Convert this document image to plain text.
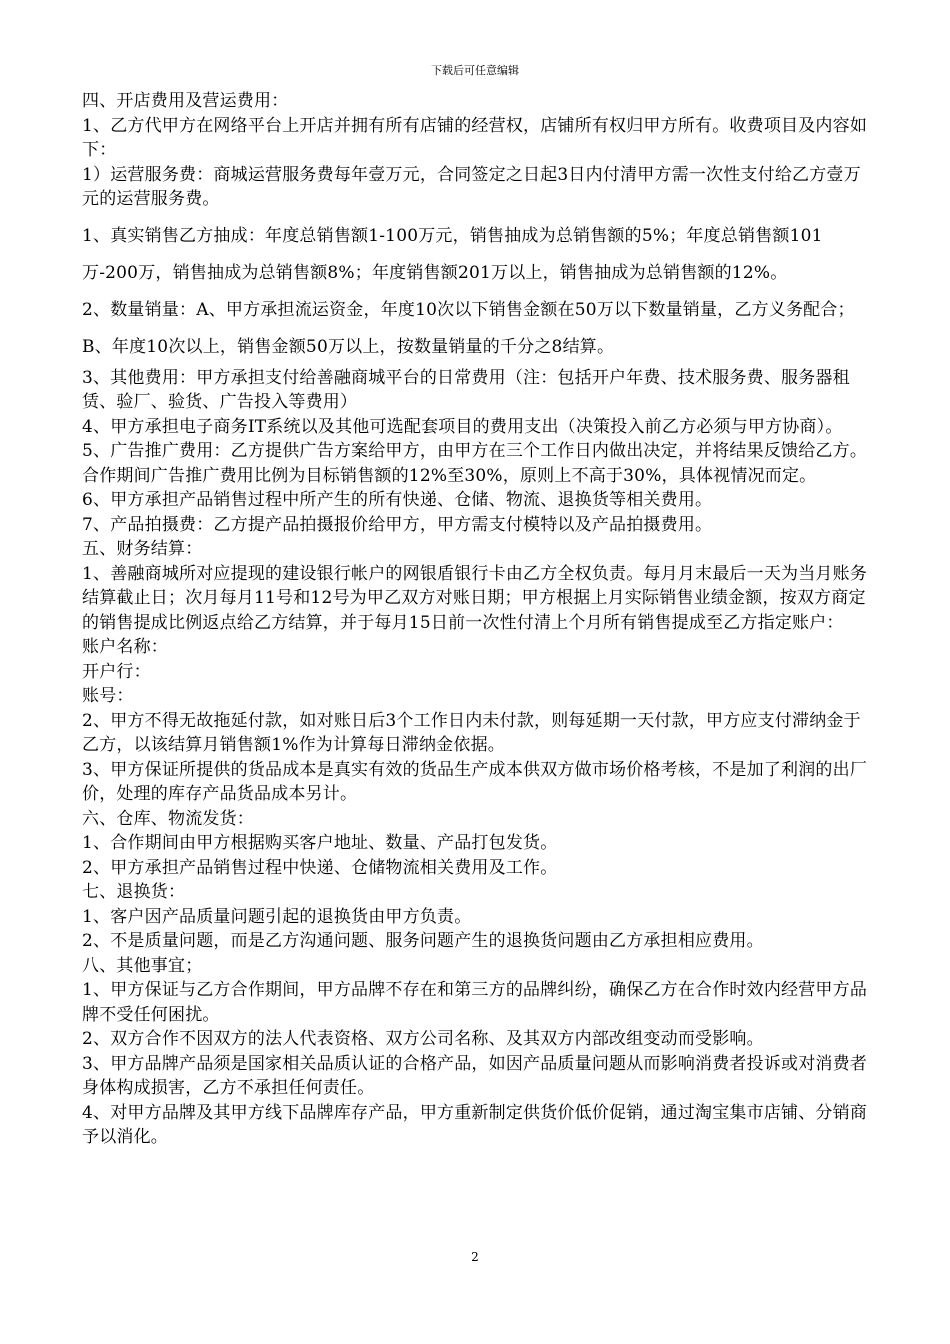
下载后可任意编辑

四、开店费用及营运费用：

1、乙方代甲方在网络平台上开店并拥有所有店铺的经营权，店铺所有权归甲方所有。收费项目及内容如下：

1）运营服务费：商城运营服务费每年壹万元，合同签定之日起3日内付清甲方需一次性支付给乙方壹万元的运营服务费。

1、真实销售乙方抽成：年度总销售额1-100万元，销售抽成为总销售额的5%；年度总销售额101万-200万，销售抽成为总销售额8%；年度销售额201万以上，销售抽成为总销售额的12%。

2、数量销量：A、甲方承担流运资金，年度10次以下销售金额在50万以下数量销量，乙方义务配合；B、年度10次以上，销售金额50万以上，按数量销量的千分之8结算。

3、其他费用：甲方承担支付给善融商城平台的日常费用（注：包括开户年费、技术服务费、服务器租赁、验厂、验货、广告投入等费用）

4、甲方承担电子商务IT系统以及其他可选配套项目的费用支出（决策投入前乙方必须与甲方协商）。

5、广告推广费用：乙方提供广告方案给甲方，由甲方在三个工作日内做出决定，并将结果反馈给乙方。合作期间广告推广费用比例为目标销售额的12%至30%，原则上不高于30%，具体视情况而定。

6、甲方承担产品销售过程中所产生的所有快递、仓储、物流、退换货等相关费用。

7、产品拍摄费：乙方提产品拍摄报价给甲方，甲方需支付模特以及产品拍摄费用。

五、财务结算：

1、善融商城所对应提现的建设银行帐户的网银盾银行卡由乙方全权负责。每月月末最后一天为当月账务结算截止日；次月每月11号和12号为甲乙双方对账日期；甲方根据上月实际销售业绩金额，按双方商定的销售提成比例返点给乙方结算，并于每月15日前一次性付清上个月所有销售提成至乙方指定账户：

账户名称：

开户行：

账号：

2、甲方不得无故拖延付款，如对账日后3个工作日内未付款，则每延期一天付款，甲方应支付滞纳金于乙方，以该结算月销售额1%作为计算每日滞纳金依据。

3、甲方保证所提供的货品成本是真实有效的货品生产成本供双方做市场价格考核，不是加了利润的出厂价，处理的库存产品货品成本另计。

六、仓库、物流发货：

1、合作期间由甲方根据购买客户地址、数量、产品打包发货。

2、甲方承担产品销售过程中快递、仓储物流相关费用及工作。

七、退换货：

1、客户因产品质量问题引起的退换货由甲方负责。

2、不是质量问题，而是乙方沟通问题、服务问题产生的退换货问题由乙方承担相应费用。

八、其他事宜；

1、甲方保证与乙方合作期间，甲方品牌不存在和第三方的品牌纠纷，确保乙方在合作时效内经营甲方品牌不受任何困扰。

2、双方合作不因双方的法人代表资格、双方公司名称、及其双方内部改组变动而受影响。

3、甲方品牌产品须是国家相关品质认证的合格产品，如因产品质量问题从而影响消费者投诉或对消费者身体构成损害，乙方不承担任何责任。

4、对甲方品牌及其甲方线下品牌库存产品，甲方重新制定供货价低价促销，通过淘宝集市店铺、分销商予以消化。

2
